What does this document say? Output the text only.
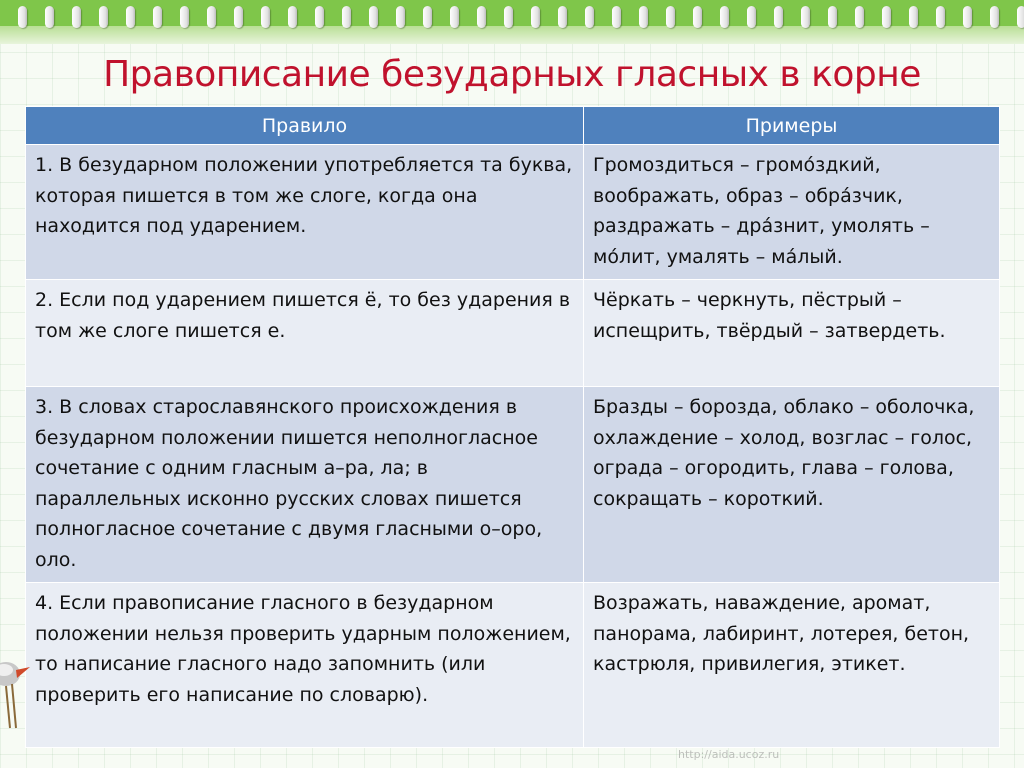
Правописание безударных гласных в корне
Правило	Примеры
1. В безударном положении употребляется та буква, которая пишется в том же слоге, когда она находится под ударением.	Громоздиться – громо́здкий, воображать, образ – обра́зчик, раздражать – дра́знит, умолять – мо́лит, умалять – ма́лый.
2. Если под ударением пишется ё, то без ударения в том же слоге пишется е.	Чёркать – черкнуть, пёстрый – испещрить, твёрдый – затвердеть.
3. В словах старославянского происхождения в безударном положении пишется неполногласное сочетание с одним гласным а–ра, ла; в параллельных исконно русских словах пишется полногласное сочетание с двумя гласными о–оро, оло.	Бразды – борозда, облако – оболочка, охлаждение – холод, возглас – голос, ограда – огородить, глава – голова, сокращать – короткий.
4. Если правописание гласного в безударном положении нельзя проверить ударным положением, то написание гласного надо запомнить (или проверить его написание по словарю).	Возражать, наваждение, аромат, панорама, лабиринт, лотерея, бетон, кастрюля, привилегия, этикет.
http://aida.ucoz.ru
